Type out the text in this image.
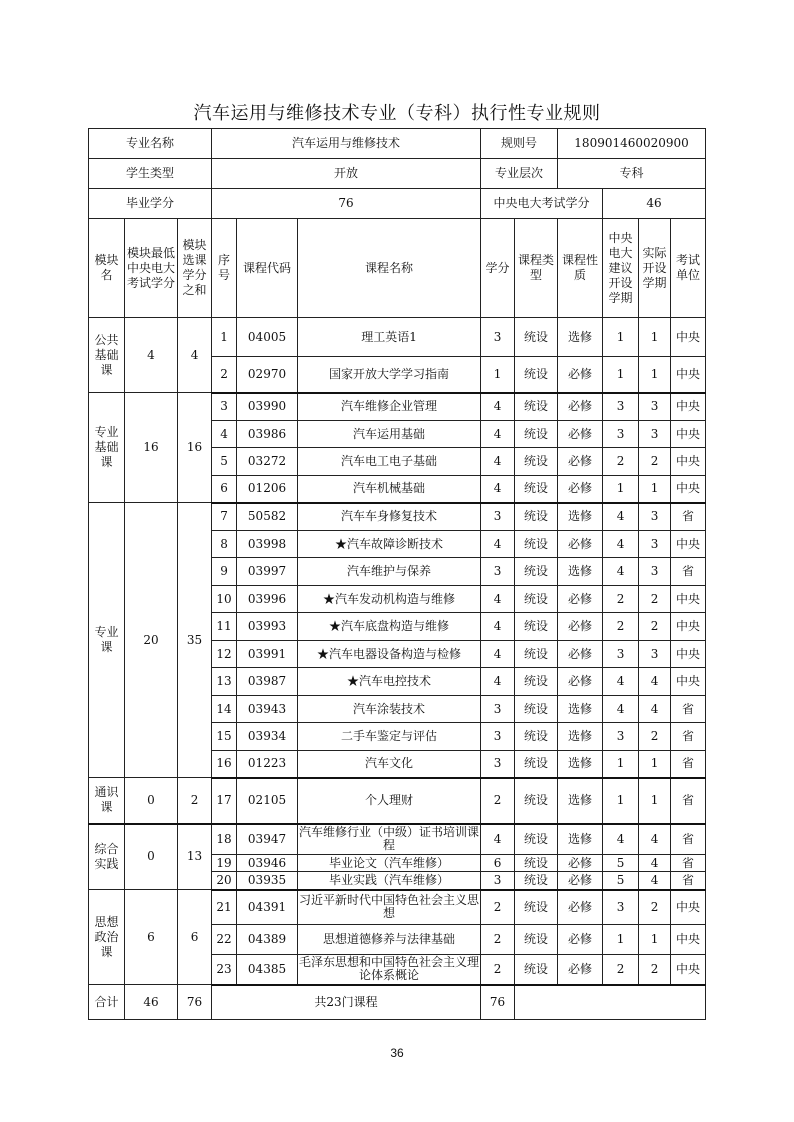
汽车运用与维修技术专业（专科）执行性专业规则
专业名称			汽车运用与维修技术			规则号		180901460020900			
学生类型			开放			专业层次		专科			
毕业学分			76			中央电大考试学分			46		
模块名	模块最低中央电大考试学分	模块选课学分之和	序号	课程代码	课程名称	学分	课程类型	课程性质	中央电大建议开设学期	实际开设学期	考试单位
公共基础课	4	4	1	04005	理工英语1	3	统设	选修	1	1	中央
			2	02970	国家开放大学学习指南	1	统设	必修	1	1	中央
专业基础课	16	16	3	03990	汽车维修企业管理	4	统设	必修	3	3	中央
			4	03986	汽车运用基础	4	统设	必修	3	3	中央
			5	03272	汽车电工电子基础	4	统设	必修	2	2	中央
			6	01206	汽车机械基础	4	统设	必修	1	1	中央
专业课	20	35	7	50582	汽车车身修复技术	3	统设	选修	4	3	省
			8	03998	★汽车故障诊断技术	4	统设	必修	4	3	中央
			9	03997	汽车维护与保养	3	统设	选修	4	3	省
			10	03996	★汽车发动机构造与维修	4	统设	必修	2	2	中央
			11	03993	★汽车底盘构造与维修	4	统设	必修	2	2	中央
			12	03991	★汽车电器设备构造与检修	4	统设	必修	3	3	中央
			13	03987	★汽车电控技术	4	统设	必修	4	4	中央
			14	03943	汽车涂装技术	3	统设	选修	4	4	省
			15	03934	二手车鉴定与评估	3	统设	选修	3	2	省
			16	01223	汽车文化	3	统设	选修	1	1	省
通识课	0	2	17	02105	个人理财	2	统设	选修	1	1	省
综合实践	0	13	18	03947	汽车维修行业（中级）证书培训课程	4	统设	选修	4	4	省
			19	03946	毕业论文（汽车维修）	6	统设	必修	5	4	省
			20	03935	毕业实践（汽车维修）	3	统设	必修	5	4	省
思想政治课	6	6	21	04391	习近平新时代中国特色社会主义思想	2	统设	必修	3	2	中央
			22	04389	思想道德修养与法律基础	2	统设	必修	1	1	中央
			23	04385	毛泽东思想和中国特色社会主义理论体系概论	2	统设	必修	2	2	中央
合计	46	76	共23门课程			76					
36
